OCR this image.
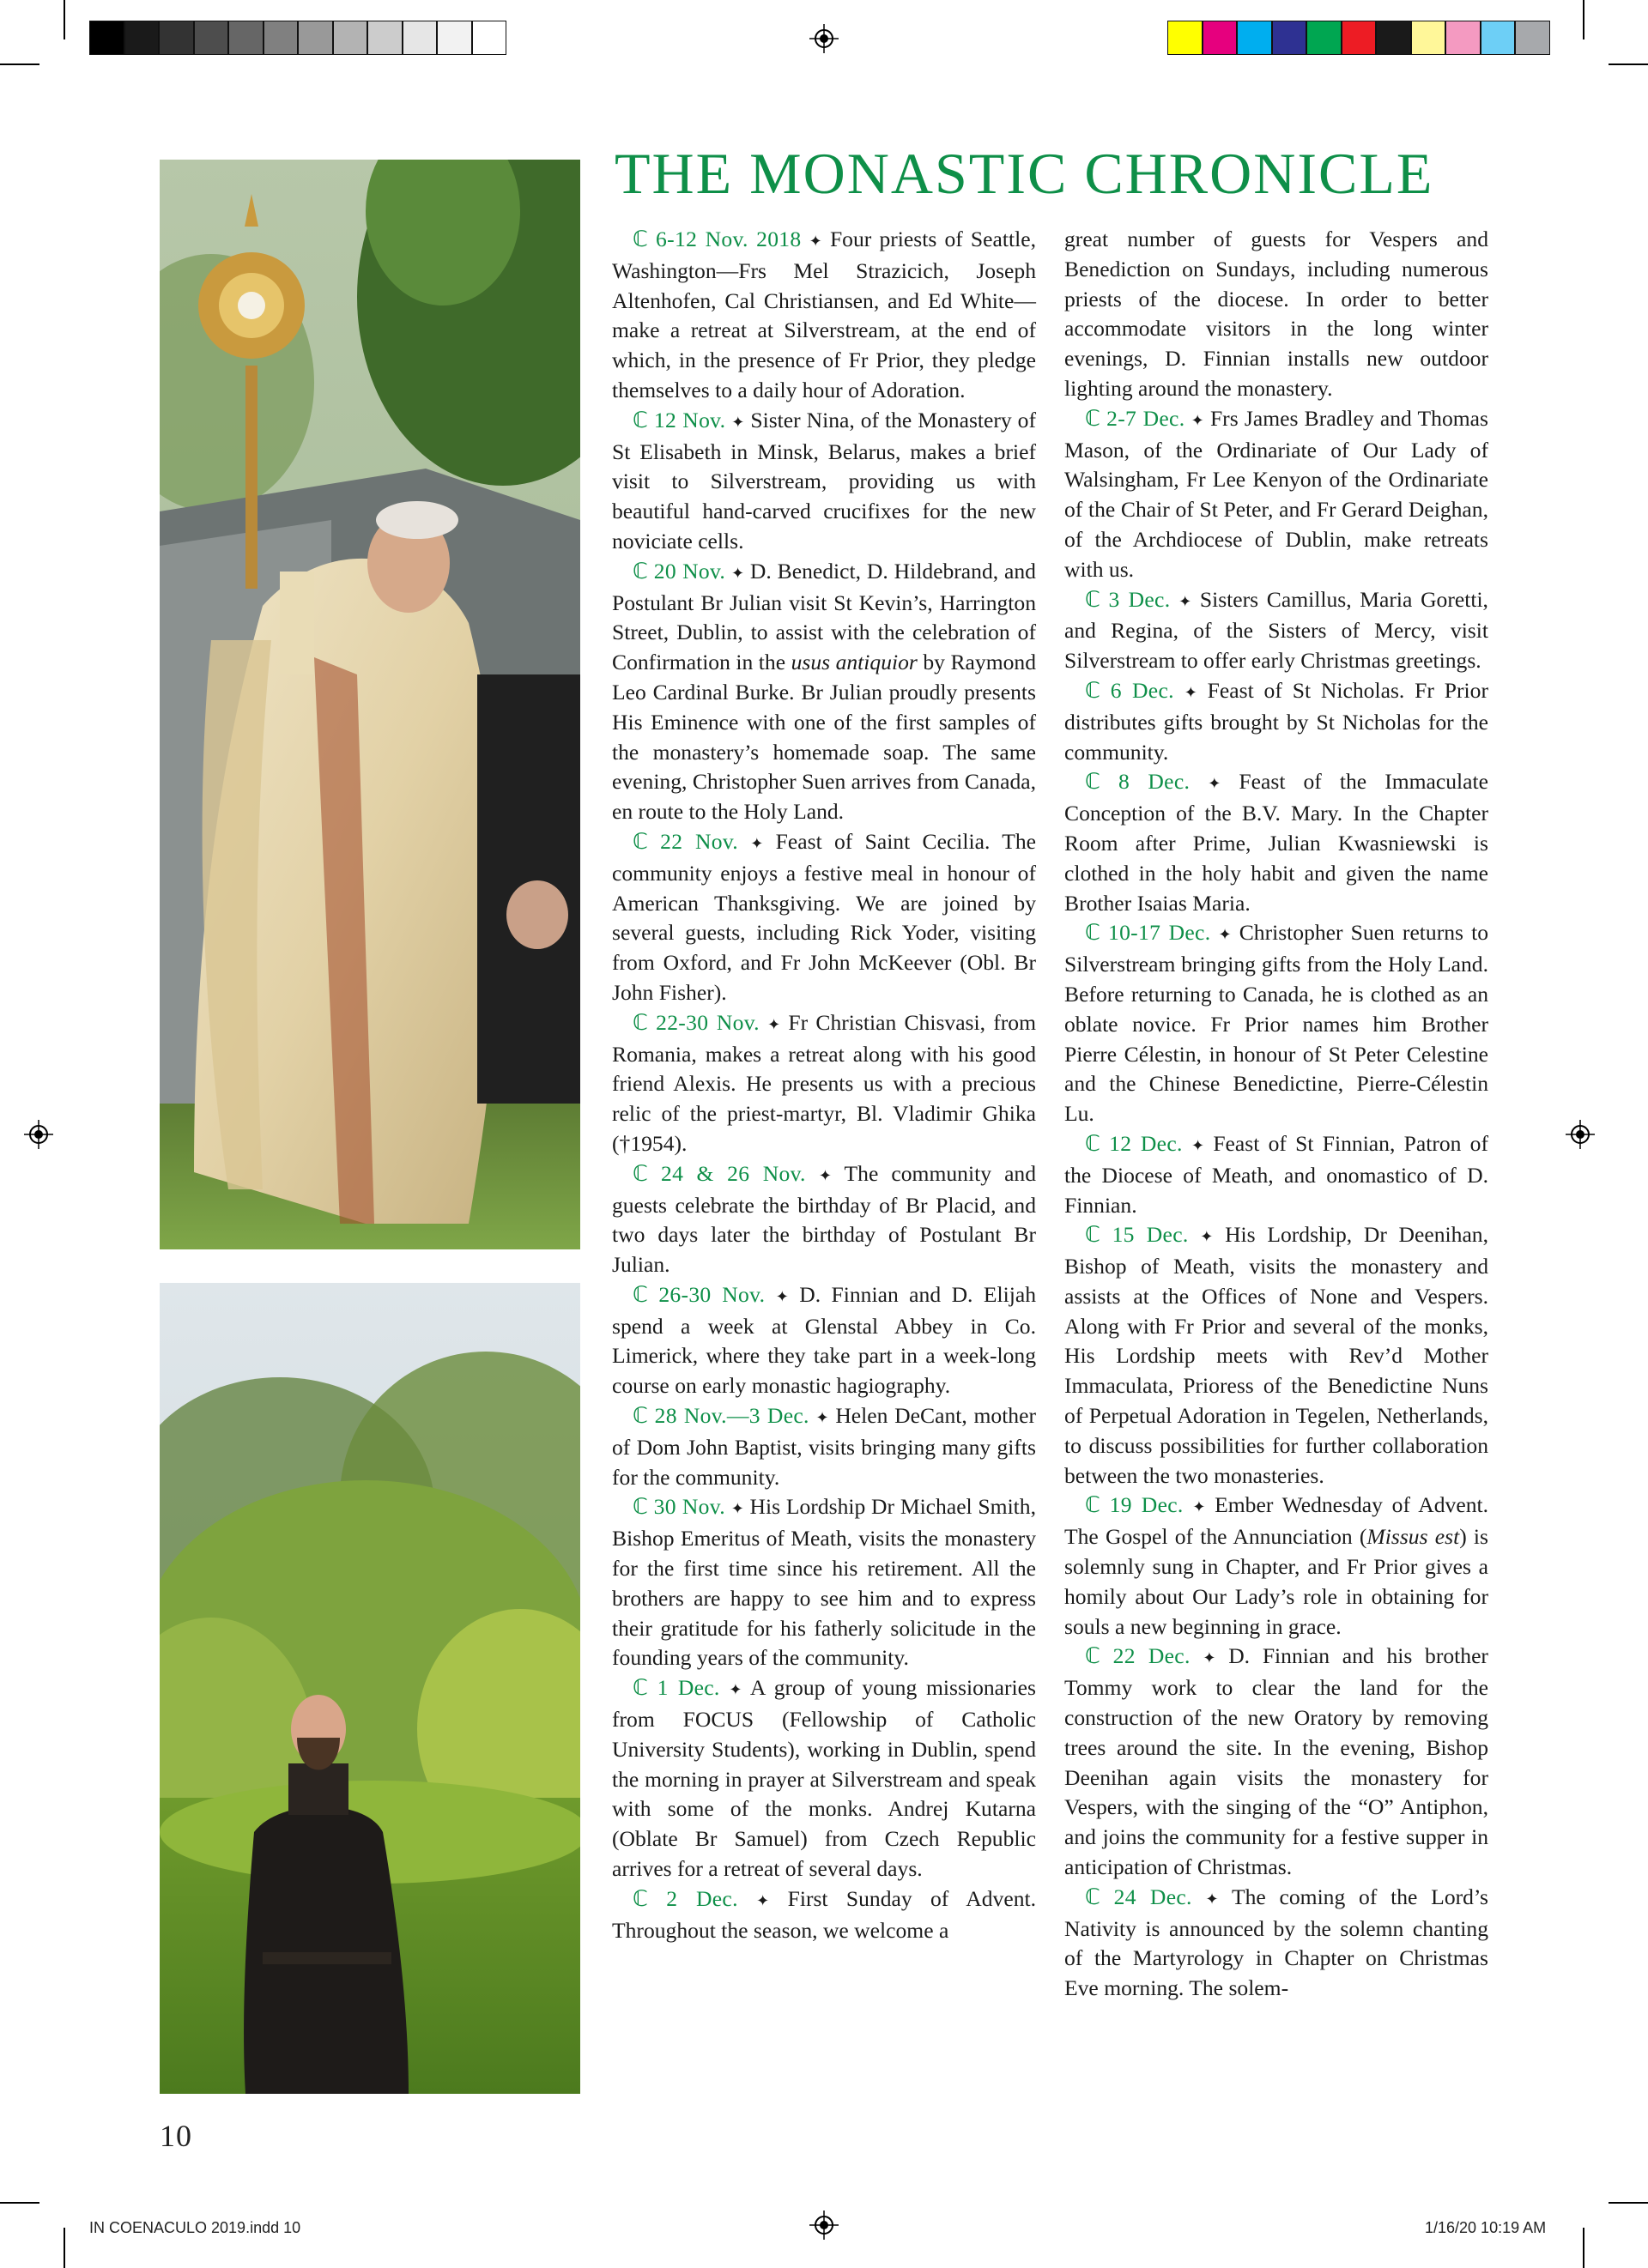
THE MONASTIC CHRONICLE

ℂ 6-12 Nov. 2018 ✦ Four priests of Seattle, Washington—Frs Mel Strazicich, Joseph Altenhofen, Cal Christiansen, and Ed White—make a retreat at Silverstream, at the end of which, in the presence of Fr Prior, they pledge themselves to a daily hour of Adoration.

ℂ 12 Nov. ✦ Sister Nina, of the Monastery of St Elisabeth in Minsk, Belarus, makes a brief visit to Silverstream, providing us with beautiful hand-carved crucifixes for the new noviciate cells.

ℂ 20 Nov. ✦ D. Benedict, D. Hildebrand, and Postulant Br Julian visit St Kevin’s, Harrington Street, Dublin, to assist with the celebration of Confirmation in the usus antiquior by Raymond Leo Cardinal Burke. Br Julian proudly presents His Eminence with one of the first samples of the monastery’s homemade soap. The same evening, Christopher Suen arrives from Canada, en route to the Holy Land.

ℂ 22 Nov. ✦ Feast of Saint Cecilia. The community enjoys a festive meal in honour of American Thanksgiving. We are joined by several guests, including Rick Yoder, visiting from Oxford, and Fr John McKeever (Obl. Br John Fisher).

ℂ 22-30 Nov. ✦ Fr Christian Chisvasi, from Romania, makes a retreat along with his good friend Alexis. He presents us with a precious relic of the priest-martyr, Bl. Vladimir Ghika (†1954).

ℂ 24 & 26 Nov. ✦ The community and guests celebrate the birthday of Br Placid, and two days later the birthday of Postulant Br Julian.

ℂ 26-30 Nov. ✦ D. Finnian and D. Elijah spend a week at Glenstal Abbey in Co. Limerick, where they take part in a week-long course on early monastic hagiography.

ℂ 28 Nov.—3 Dec. ✦ Helen DeCant, mother of Dom John Baptist, visits bringing many gifts for the community.

ℂ 30 Nov. ✦ His Lordship Dr Michael Smith, Bishop Emeritus of Meath, visits the monastery for the first time since his retirement. All the brothers are happy to see him and to express their gratitude for his fatherly solicitude in the founding years of the community.

ℂ 1 Dec. ✦ A group of young missionaries from FOCUS (Fellowship of Catholic University Students), working in Dublin, spend the morning in prayer at Silverstream and speak with some of the monks. Andrej Kutarna (Oblate Br Samuel) from Czech Republic arrives for a retreat of several days.

ℂ 2 Dec. ✦ First Sunday of Advent. Throughout the season, we welcome a

great number of guests for Vespers and Benediction on Sundays, including numerous priests of the diocese. In order to better accommodate visitors in the long winter evenings, D. Finnian installs new outdoor lighting around the monastery.

ℂ 2-7 Dec. ✦ Frs James Bradley and Thomas Mason, of the Ordinariate of Our Lady of Walsingham, Fr Lee Kenyon of the Ordinariate of the Chair of St Peter, and Fr Gerard Deighan, of the Archdiocese of Dublin, make retreats with us.

ℂ 3 Dec. ✦ Sisters Camillus, Maria Goretti, and Regina, of the Sisters of Mercy, visit Silverstream to offer early Christmas greetings.

ℂ 6 Dec. ✦ Feast of St Nicholas. Fr Prior distributes gifts brought by St Nicholas for the community.

ℂ 8 Dec. ✦ Feast of the Immaculate Conception of the B.V. Mary. In the Chapter Room after Prime, Julian Kwasniewski is clothed in the holy habit and given the name Brother Isaias Maria.

ℂ 10-17 Dec. ✦ Christopher Suen returns to Silverstream bringing gifts from the Holy Land. Before returning to Canada, he is clothed as an oblate novice. Fr Prior names him Brother Pierre Célestin, in honour of St Peter Celestine and the Chinese Benedictine, Pierre-Célestin Lu.

ℂ 12 Dec. ✦ Feast of St Finnian, Patron of the Diocese of Meath, and onomastico of D. Finnian.

ℂ 15 Dec. ✦ His Lordship, Dr Deenihan, Bishop of Meath, visits the monastery and assists at the Offices of None and Vespers. Along with Fr Prior and several of the monks, His Lordship meets with Rev’d Mother Immaculata, Prioress of the Benedictine Nuns of Perpetual Adoration in Tegelen, Netherlands, to discuss possibilities for further collaboration between the two monasteries.

ℂ 19 Dec. ✦ Ember Wednesday of Advent. The Gospel of the Annunciation (Missus est) is solemnly sung in Chapter, and Fr Prior gives a homily about Our Lady’s role in obtaining for souls a new beginning in grace.

ℂ 22 Dec. ✦ D. Finnian and his brother Tommy work to clear the land for the construction of the new Oratory by removing trees around the site. In the evening, Bishop Deenihan again visits the monastery for Vespers, with the singing of the “O” Antiphon, and joins the community for a festive supper in anticipation of Christmas.

ℂ 24 Dec. ✦ The coming of the Lord’s Nativity is announced by the solemn chanting of the Martyrology in Chapter on Christmas Eve morning. The solem-

10
IN COENACULO 2019.indd 10	1/16/20 10:19 AM
